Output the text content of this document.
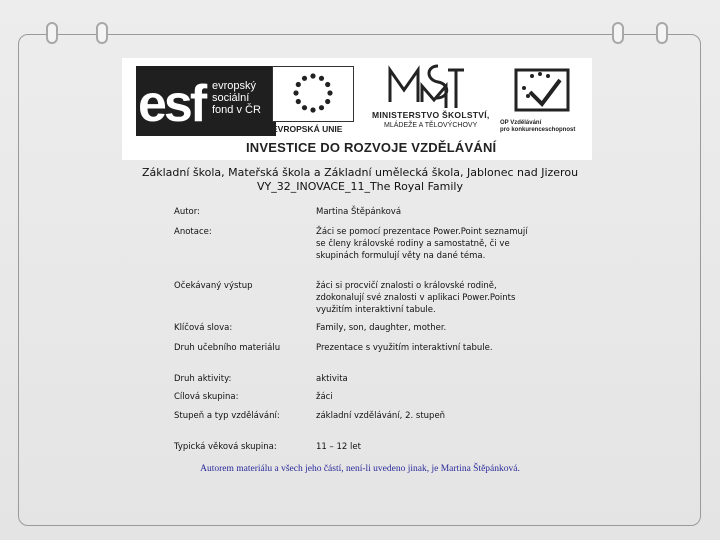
esf evropský
sociální
fond v ČR
EVROPSKÁ UNIE
MINISTERSTVO ŠKOLSTVÍ,
MLÁDEŽE A TĚLOVÝCHOVY	OP Vzdělávání
pro konkurenceschopnost
INVESTICE DO ROZVOJE VZDĚLÁVÁNÍ
Základní škola, Mateřská škola a Základní umělecká škola, Jablonec nad Jizerou
VY_32_INOVACE_11_The Royal Family
Autor:	Martina Štěpánková
Anotace:	Žáci se pomocí prezentace Power.Point seznamují se členy královské rodiny a samostatně, či ve skupinách formulují věty na dané téma.
Očekávaný výstup	žáci si procvičí znalosti o královské rodině, zdokonalují své znalosti v aplikaci Power.Points využitím interaktivní tabule.
Klíčová slova:	Family, son, daughter, mother.
Druh učebního materiálu	Prezentace s využitím interaktivní tabule.
Druh aktivity:	aktivita
Cílová skupina:	žáci
Stupeň a typ vzdělávání:	základní vzdělávání, 2. stupeň
Typická věková skupina:	11 – 12 let
Autorem materiálu a všech jeho částí, není-li uvedeno jinak, je Martina Štěpánková.
